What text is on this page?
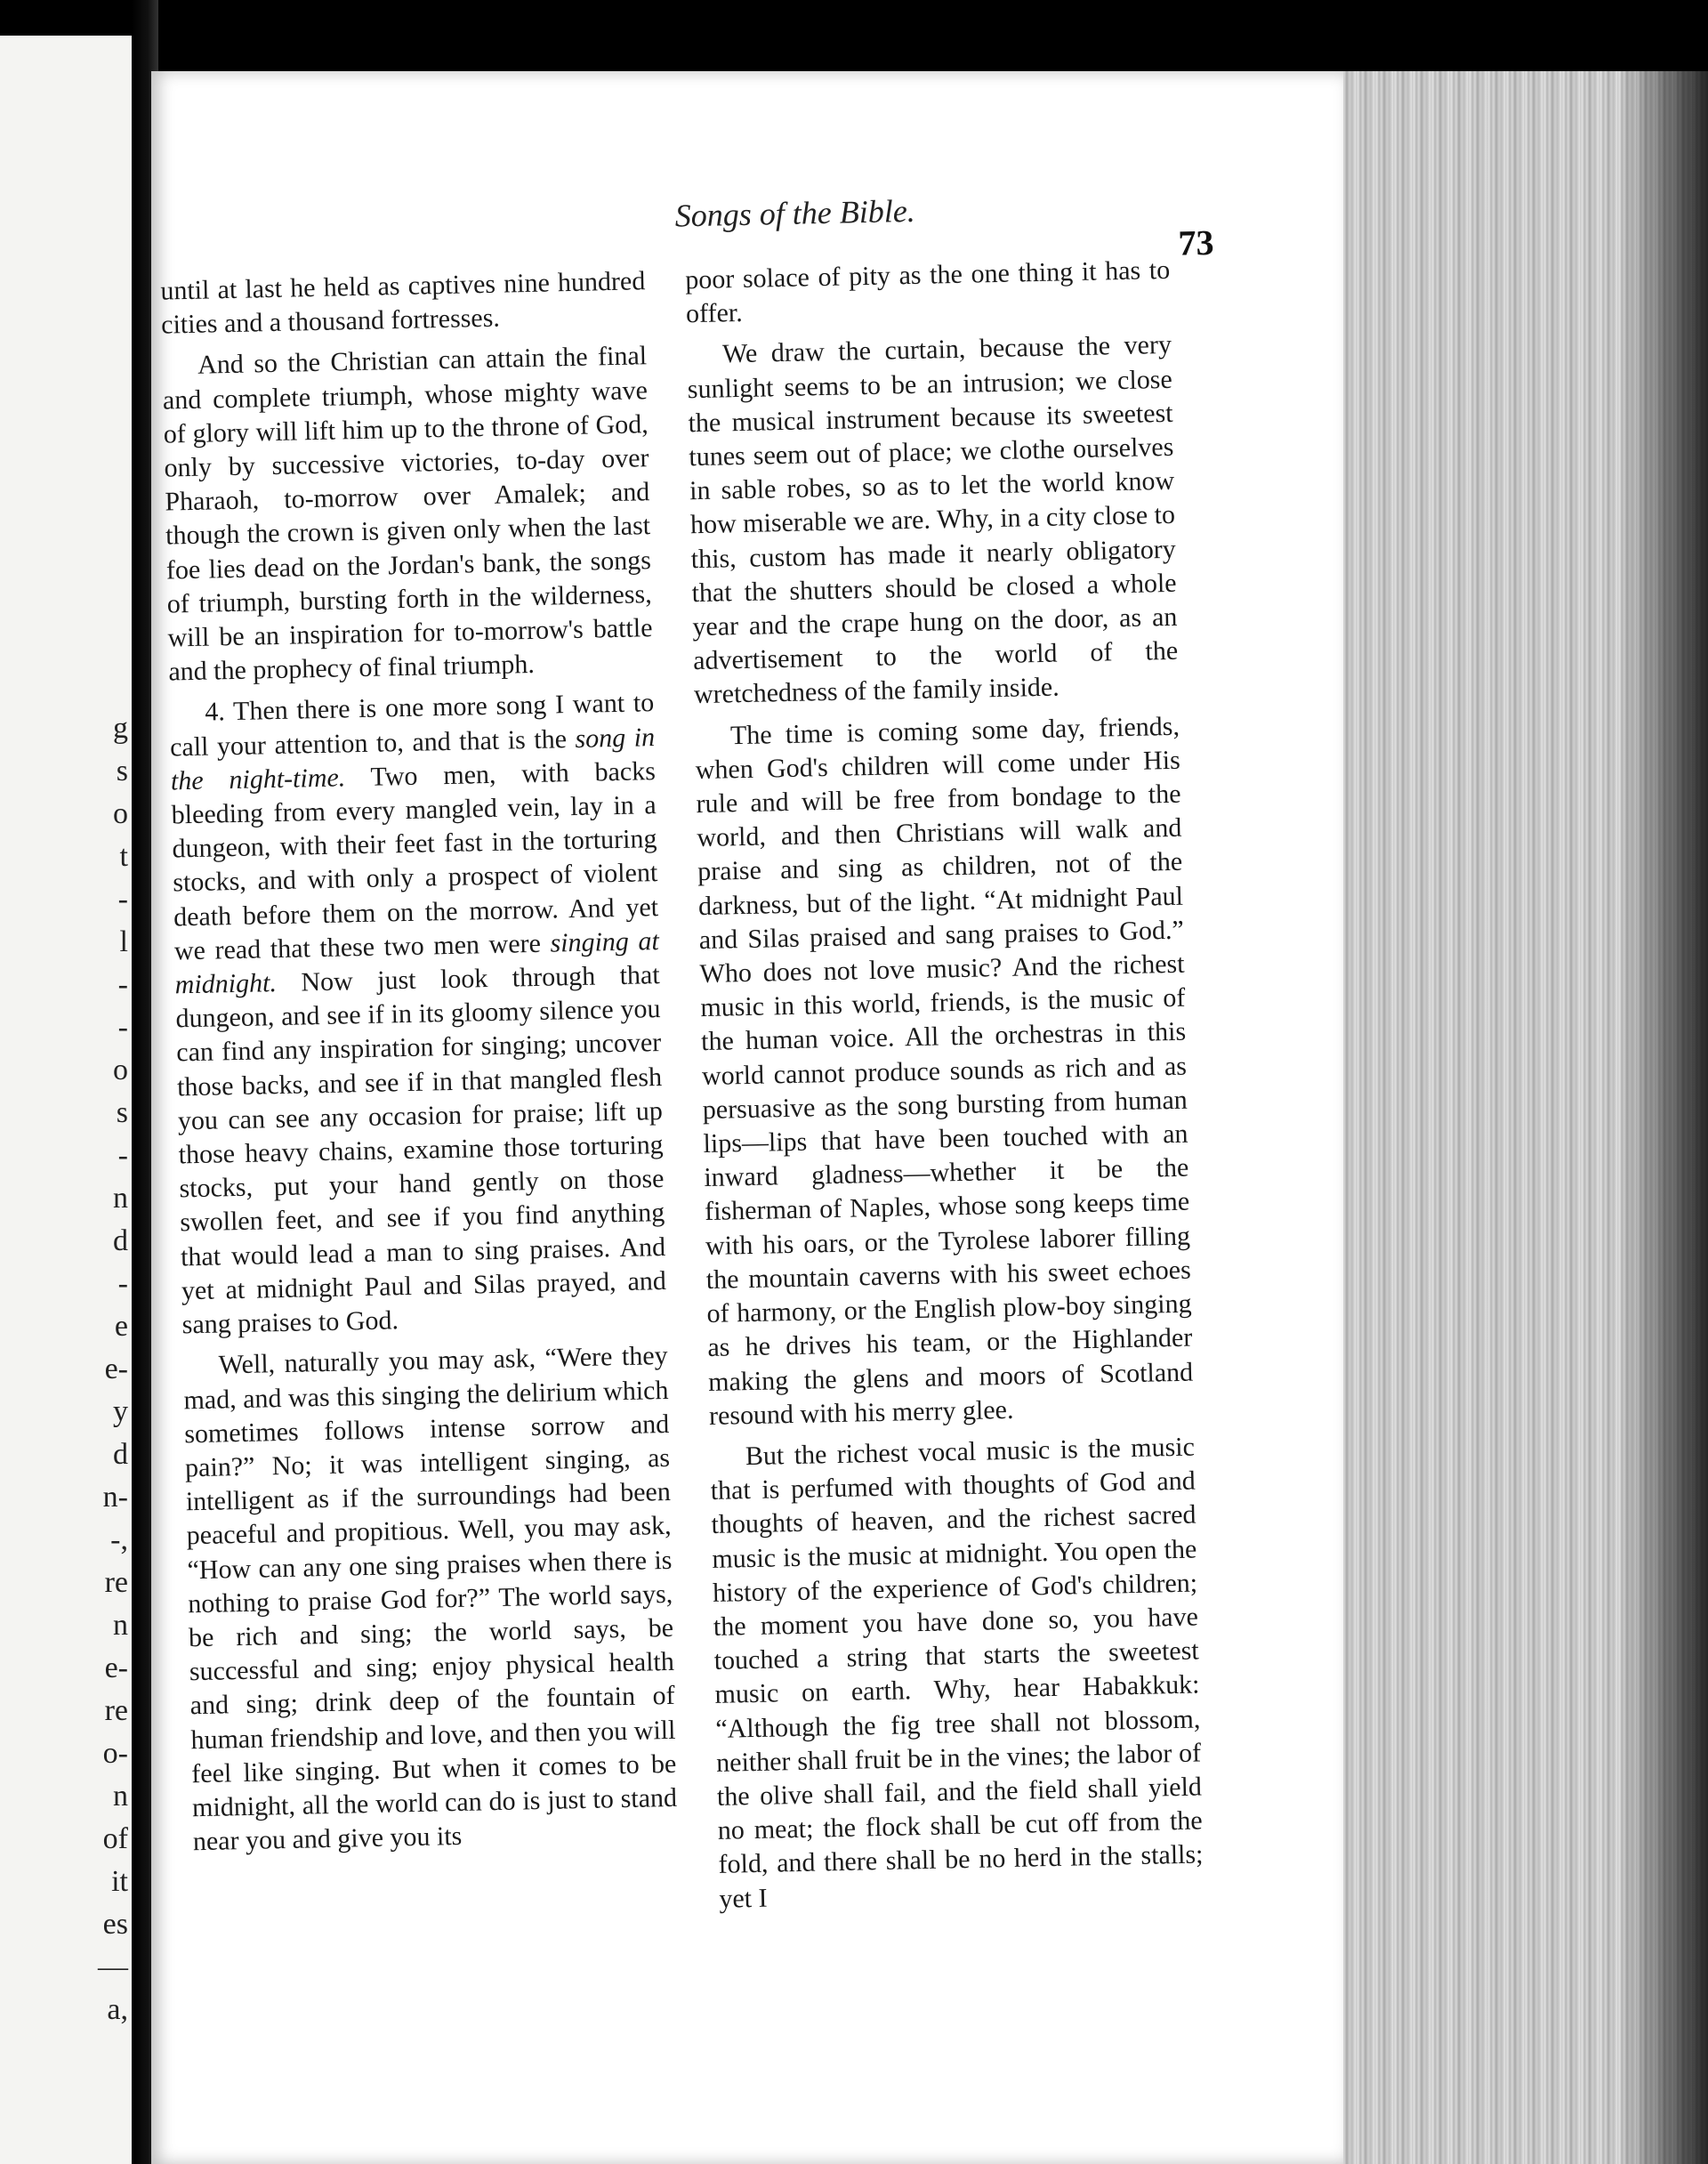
g
s
o
t
-
l
-
-
o
s
-
n
d
-
e
e-
y
d
n-
-,
re
n
e-
re
o-
n
of
it
es
—
a,
Songs of the Bible.
73

until at last he held as captives nine hundred cities and a thousand fortresses.

And so the Christian can attain the final and complete triumph, whose mighty wave of glory will lift him up to the throne of God, only by successive victories, to-day over Pharaoh, to-morrow over Amalek; and though the crown is given only when the last foe lies dead on the Jordan's bank, the songs of triumph, bursting forth in the wilderness, will be an inspiration for to-morrow's battle and the prophecy of final triumph.

4. Then there is one more song I want to call your attention to, and that is the song in the night-time. Two men, with backs bleeding from every mangled vein, lay in a dungeon, with their feet fast in the torturing stocks, and with only a prospect of violent death before them on the morrow. And yet we read that these two men were singing at midnight. Now just look through that dungeon, and see if in its gloomy silence you can find any inspiration for singing; uncover those backs, and see if in that mangled flesh you can see any occasion for praise; lift up those heavy chains, examine those torturing stocks, put your hand gently on those swollen feet, and see if you find anything that would lead a man to sing praises. And yet at midnight Paul and Silas prayed, and sang praises to God.

Well, naturally you may ask, “Were they mad, and was this singing the delirium which sometimes follows intense sorrow and pain?” No; it was intelligent singing, as intelligent as if the surroundings had been peaceful and propitious. Well, you may ask, “How can any one sing praises when there is nothing to praise God for?” The world says, be rich and sing; the world says, be successful and sing; enjoy physical health and sing; drink deep of the fountain of human friendship and love, and then you will feel like singing. But when it comes to be midnight, all the world can do is just to stand near you and give you its

poor solace of pity as the one thing it has to offer.

We draw the curtain, because the very sunlight seems to be an intrusion; we close the musical instrument because its sweetest tunes seem out of place; we clothe ourselves in sable robes, so as to let the world know how miserable we are. Why, in a city close to this, custom has made it nearly obligatory that the shutters should be closed a whole year and the crape hung on the door, as an advertisement to the world of the wretchedness of the family inside.

The time is coming some day, friends, when God's children will come under His rule and will be free from bondage to the world, and then Christians will walk and praise and sing as children, not of the darkness, but of the light. “At midnight Paul and Silas praised and sang praises to God.” Who does not love music? And the richest music in this world, friends, is the music of the human voice. All the orchestras in this world cannot produce sounds as rich and as persuasive as the song bursting from human lips—lips that have been touched with an inward gladness—whether it be the fisherman of Naples, whose song keeps time with his oars, or the Tyrolese laborer filling the mountain caverns with his sweet echoes of harmony, or the English plow-boy singing as he drives his team, or the Highlander making the glens and moors of Scotland resound with his merry glee.

But the richest vocal music is the music that is perfumed with thoughts of God and thoughts of heaven, and the richest sacred music is the music at midnight. You open the history of the experience of God's children; the moment you have done so, you have touched a string that starts the sweetest music on earth. Why, hear Habakkuk: “Although the fig tree shall not blossom, neither shall fruit be in the vines; the labor of the olive shall fail, and the field shall yield no meat; the flock shall be cut off from the fold, and there shall be no herd in the stalls; yet I
